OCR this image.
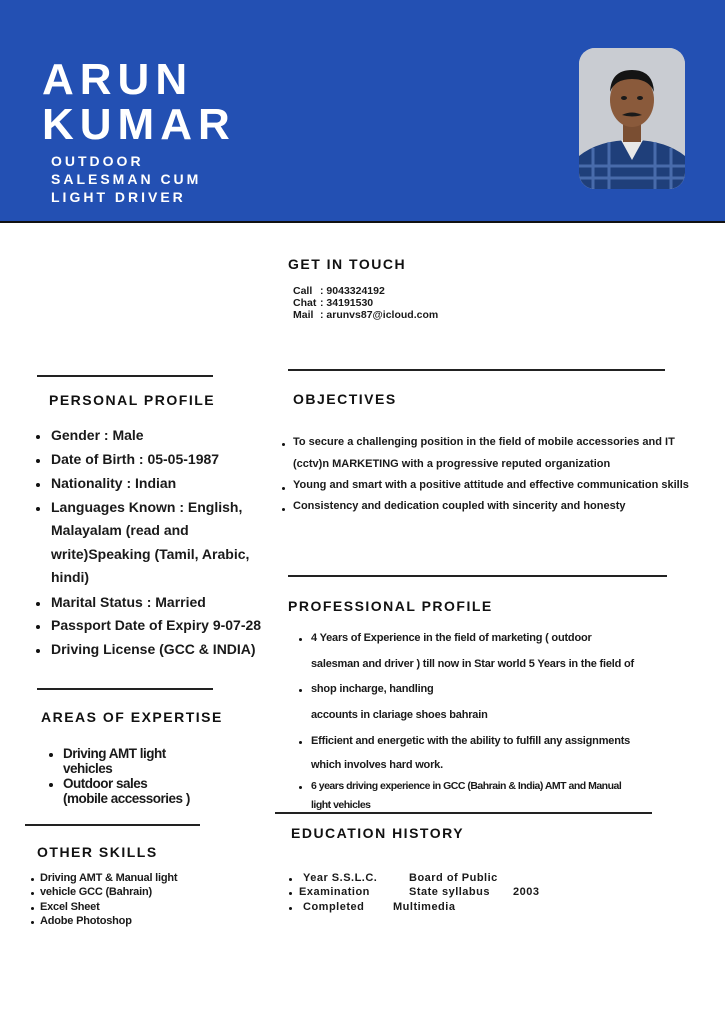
ARUN
KUMAR
OUTDOOR
SALESMAN CUM
LIGHT DRIVER
GET IN TOUCH
Call : 9043324192
Chat : 34191530
Mail : arunvs87@icloud.com
PERSONAL PROFILE
Gender : Male
Date of Birth : 05-05-1987
Nationality : Indian
Languages Known : English,
Malayalam (read and
write)Speaking (Tamil, Arabic,
hindi)
Marital Status : Married
Passport Date of Expiry 9-07-28
Driving License (GCC & INDIA)
OBJECTIVES
To secure a challenging position in the field of mobile accessories and IT
(cctv)n MARKETING with a progressive reputed organization
Young and smart with a positive attitude and effective communication skills
Consistency and dedication coupled with sincerity and honesty
PROFESSIONAL PROFILE
4 Years of Experience in the field of marketing ( outdoor
salesman and driver ) till now in Star world 5 Years in the field of
shop incharge, handling
accounts in clariage shoes bahrain
Efficient and energetic with the ability to fulfill any assignments
which involves hard work.
6 years driving experience in GCC (Bahrain & India) AMT and Manual
light vehicles
AREAS OF EXPERTISE
Driving AMT light
vehicles
Outdoor sales
(mobile accessories )
OTHER SKILLS
Driving AMT & Manual light
vehicle GCC (Bahrain)
Excel Sheet
Adobe Photoshop
EDUCATION HISTORY
Year S.S.L.C.	Board of Public
Examination	State syllabus 2003
Completed	Multimedia
